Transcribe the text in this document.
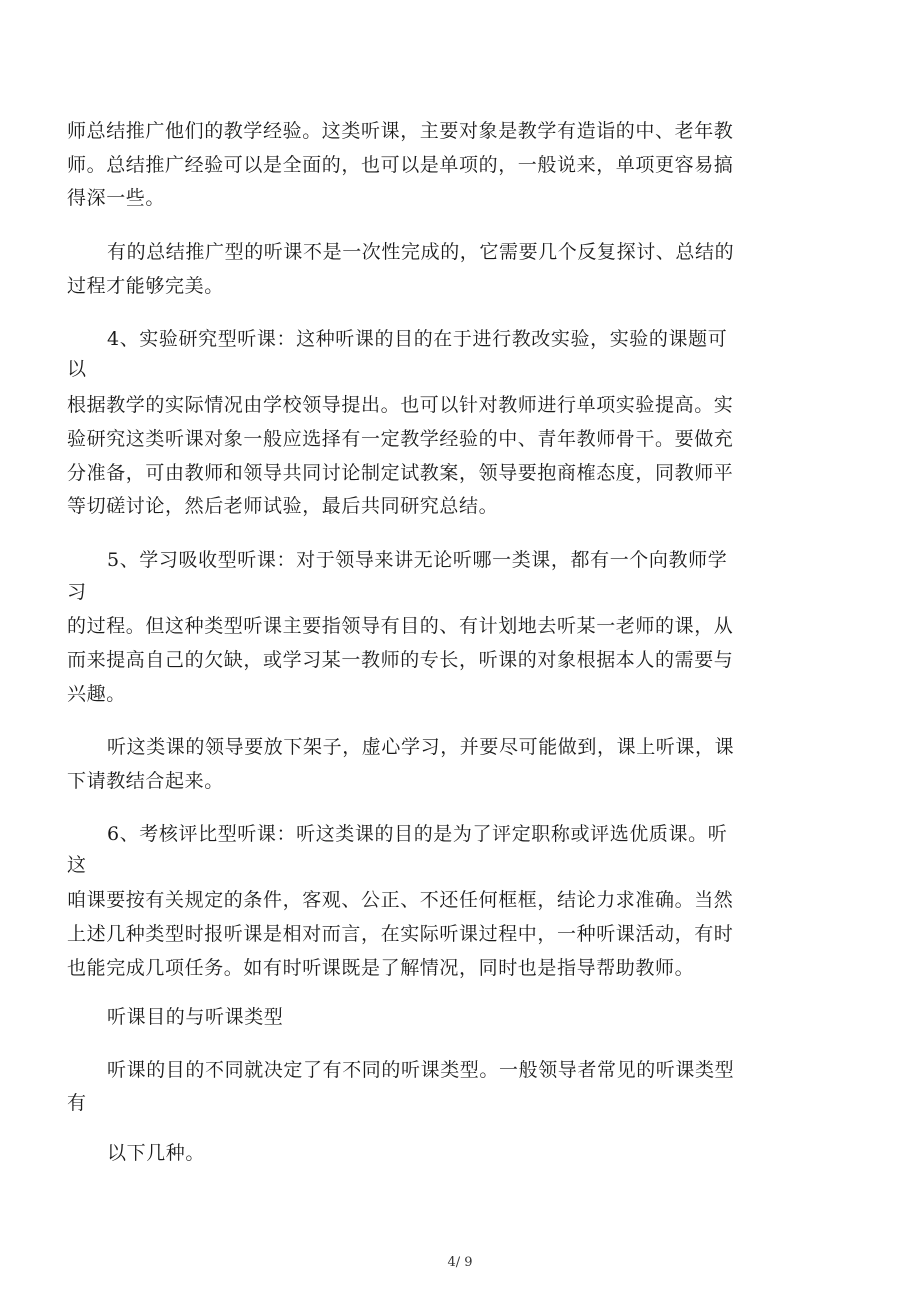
师总结推广他们的教学经验。这类听课，主要对象是教学有造诣的中、老年教
师。总结推广经验可以是全面的，也可以是单项的，一般说来，单项更容易搞
得深一些。
有的总结推广型的听课不是一次性完成的，它需要几个反复探讨、总结的
过程才能够完美。
4、实验研究型听课：这种听课的目的在于进行教改实验，实验的课题可
以
根据教学的实际情况由学校领导提出。也可以针对教师进行单项实验提高。实
验研究这类听课对象一般应选择有一定教学经验的中、青年教师骨干。要做充
分准备，可由教师和领导共同讨论制定试教案，领导要抱商榷态度，同教师平
等切磋讨论，然后老师试验，最后共同研究总结。
5、学习吸收型听课：对于领导来讲无论听哪一类课，都有一个向教师学
习
的过程。但这种类型听课主要指领导有目的、有计划地去听某一老师的课，从
而来提高自己的欠缺，或学习某一教师的专长，听课的对象根据本人的需要与
兴趣。
听这类课的领导要放下架子，虚心学习，并要尽可能做到，课上听课，课
下请教结合起来。
6、考核评比型听课：听这类课的目的是为了评定职称或评选优质课。听
这
咱课要按有关规定的条件，客观、公正、不还任何框框，结论力求准确。当然
上述几种类型时报听课是相对而言，在实际听课过程中，一种听课活动，有时
也能完成几项任务。如有时听课既是了解情况，同时也是指导帮助教师。
听课目的与听课类型
听课的目的不同就决定了有不同的听课类型。一般领导者常见的听课类型
有
以下几种。
4/ 9
